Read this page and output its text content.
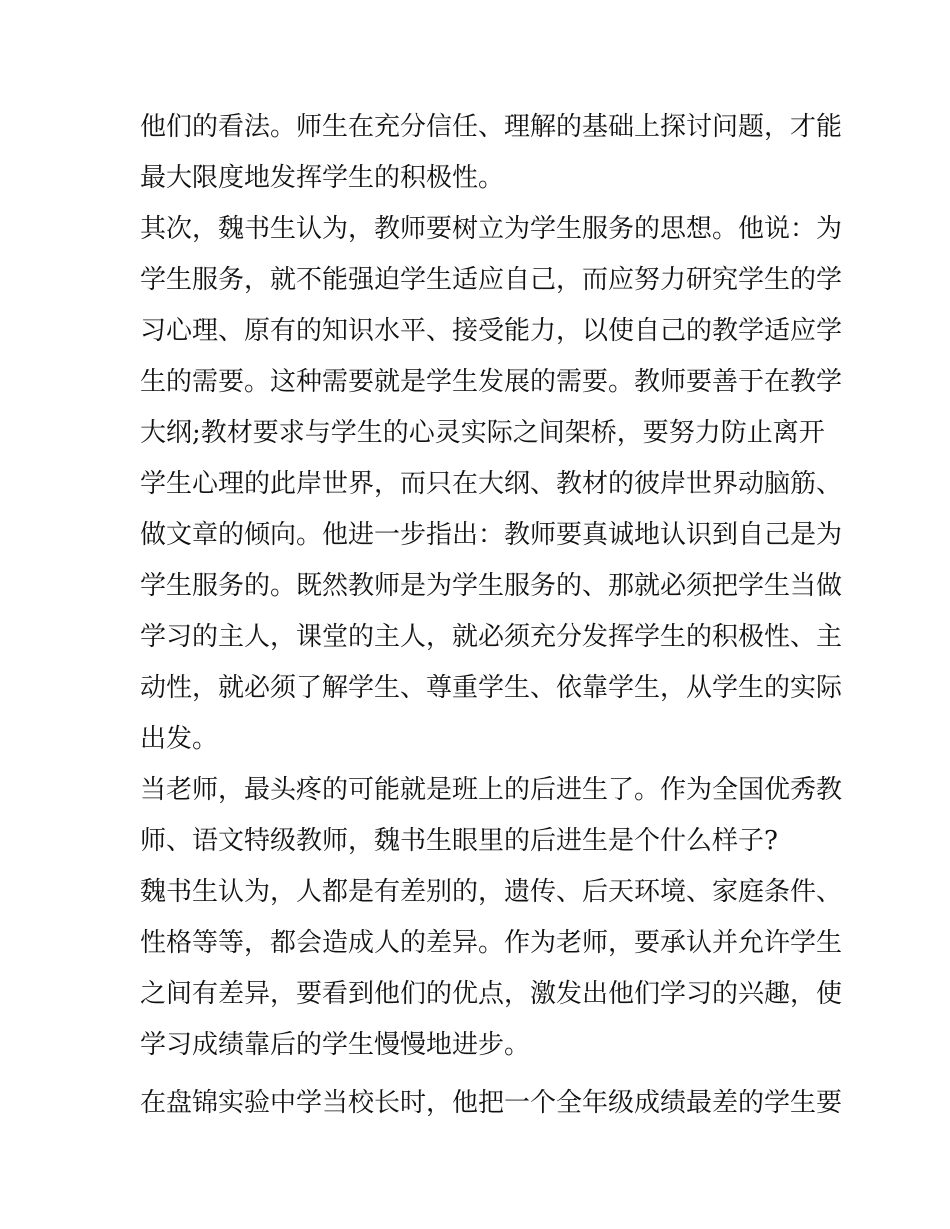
他们的看法。师生在充分信任、理解的基础上探讨问题，才能
最大限度地发挥学生的积极性。
其次，魏书生认为，教师要树立为学生服务的思想。他说：为
学生服务，就不能强迫学生适应自己，而应努力研究学生的学
习心理、原有的知识水平、接受能力，以使自己的教学适应学
生的需要。这种需要就是学生发展的需要。教师要善于在教学
大纲;教材要求与学生的心灵实际之间架桥，要努力防止离开
学生心理的此岸世界，而只在大纲、教材的彼岸世界动脑筋、
做文章的倾向。他进一步指出：教师要真诚地认识到自己是为
学生服务的。既然教师是为学生服务的、那就必须把学生当做
学习的主人，课堂的主人，就必须充分发挥学生的积极性、主
动性，就必须了解学生、尊重学生、依靠学生，从学生的实际
出发。
当老师，最头疼的可能就是班上的后进生了。作为全国优秀教
师、语文特级教师，魏书生眼里的后进生是个什么样子?
魏书生认为，人都是有差别的，遗传、后天环境、家庭条件、
性格等等，都会造成人的差异。作为老师，要承认并允许学生
之间有差异，要看到他们的优点，激发出他们学习的兴趣，使
学习成绩靠后的学生慢慢地进步。
在盘锦实验中学当校长时，他把一个全年级成绩最差的学生要
